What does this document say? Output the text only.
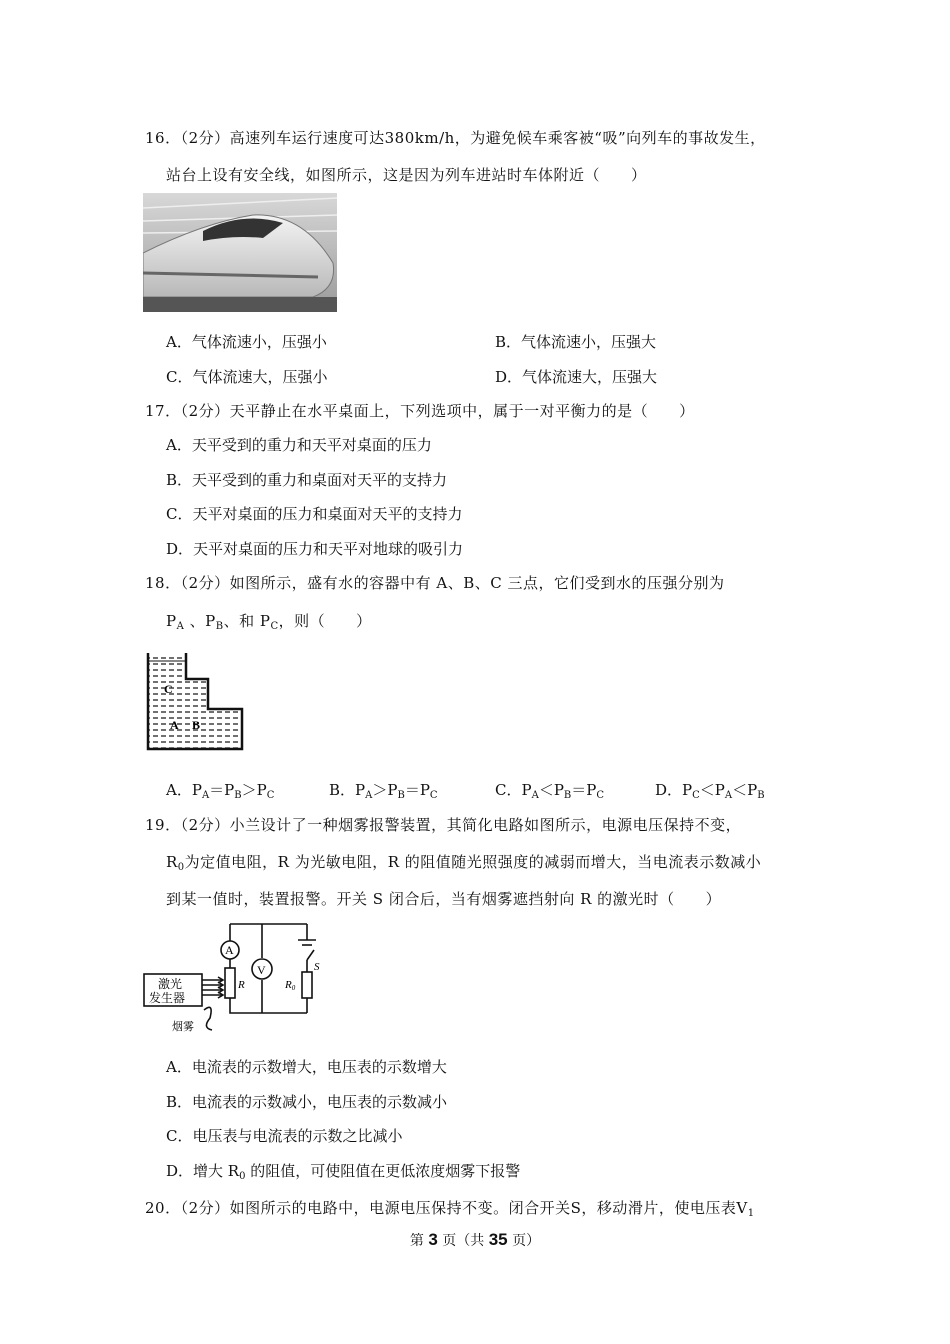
16．（2分）高速列车运行速度可达380km/h，为避免候车乘客被“吸”向列车的事故发生，
站台上设有安全线，如图所示，这是因为列车进站时车体附近（　　）
A．气体流速小，压强小	B．气体流速小，压强大
C．气体流速大，压强小	D．气体流速大，压强大
17．（2分）天平静止在水平桌面上，下列选项中，属于一对平衡力的是（　　）
A．天平受到的重力和天平对桌面的压力
B．天平受到的重力和桌面对天平的支持力
C．天平对桌面的压力和桌面对天平的支持力
D．天平对桌面的压力和天平对地球的吸引力
18．（2分）如图所示，盛有水的容器中有 A、B、C 三点，它们受到水的压强分别为
$P_A$ 、$P_B$、和 $P_C$，则（　　）
C
A B
A．$P_A=P_B>P_C$	B．$P_A>P_B=P_C$	C．$P_A<P_B=P_C$	D．$P_C<P_A<P_B$
19．（2分）小兰设计了一种烟雾报警装置，其简化电路如图所示，电源电压保持不变，
$R_0$为定值电阻，R 为光敏电阻，R 的阻值随光照强度的减弱而增大，当电流表示数减小
到某一值时，装置报警。开关 S 闭合后，当有烟雾遮挡射向 R 的激光时（　　）
A
V
R	R0
S
激光
发生器
烟雾
A．电流表的示数增大，电压表的示数增大
B．电流表的示数减小，电压表的示数减小
C．电压表与电流表的示数之比减小
D．增大 $R_0$ 的阻值，可使阻值在更低浓度烟雾下报警
20．（2分）如图所示的电路中，电源电压保持不变。闭合开关S，移动滑片，使电压表$V_1$
第 3 页（共 35 页）
